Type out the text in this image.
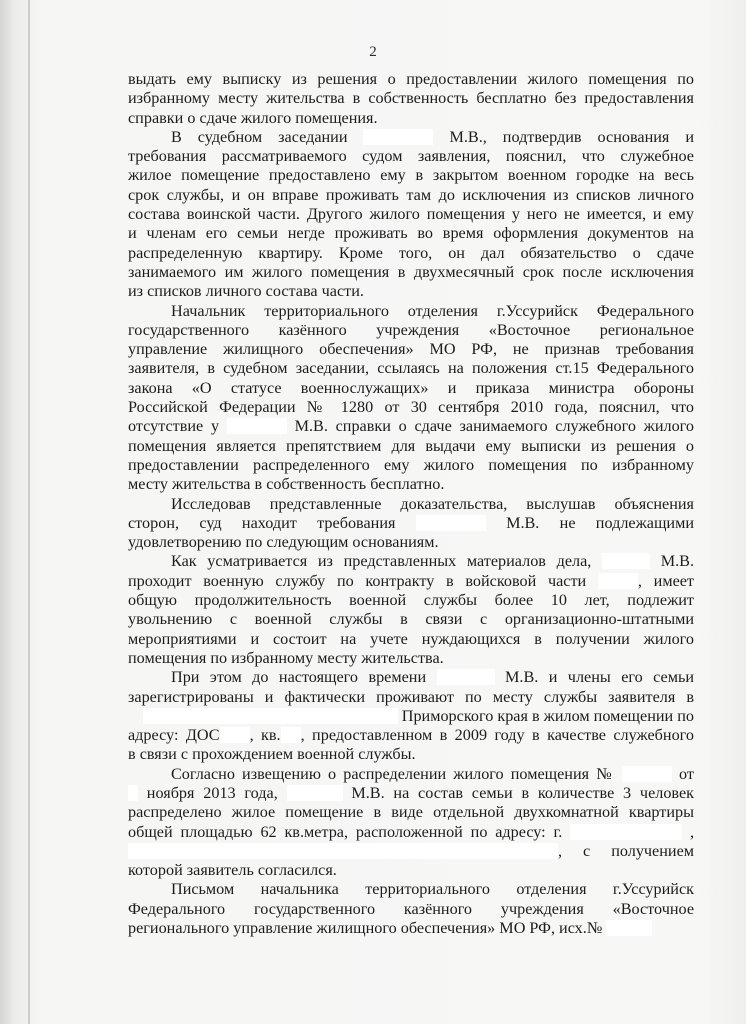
2
выдать ему выписку из решения о предоставлении жилого помещения по
избранному месту жительства в собственность бесплатно без предоставления
справки о сдаче жилого помещения.
В судебном заседании	М.В., подтвердив основания и
требования рассматриваемого судом заявления, пояснил, что служебное
жилое помещение предоставлено ему в закрытом военном городке на весь
срок службы, и он вправе проживать там до исключения из списков личного
состава воинской части. Другого жилого помещения у него не имеется, и ему
и членам его семьи негде проживать во время оформления документов на
распределенную квартиру. Кроме того, он дал обязательство о сдаче
занимаемого им жилого помещения в двухмесячный срок после исключения
из списков личного состава части.
Начальник территориального отделения г.Уссурийск Федерального
государственного казённого учреждения «Восточное региональное
управление жилищного обеспечения» МО РФ, не признав требования
заявителя, в судебном заседании, ссылаясь на положения ст.15 Федерального
закона «О статусе военнослужащих» и приказа министра обороны
Российской Федерации № 1280 от 30 сентября 2010 года, пояснил, что
отсутствие у	М.В. справки о сдаче занимаемого служебного жилого
помещения является препятствием для выдачи ему выписки из решения о
предоставлении распределенного ему жилого помещения по избранному
месту жительства в собственность бесплатно.
Исследовав представленные доказательства, выслушав объяснения
сторон, суд находит требования	М.В. не подлежащими
удовлетворению по следующим основаниям.
Как усматривается из представленных материалов дела,	М.В.
проходит военную службу по контракту в войсковой части	, имеет
общую продолжительность военной службы более 10 лет, подлежит
увольнению с военной службы в связи с организационно-штатными
мероприятиями и состоит на учете нуждающихся в получении жилого
помещения по избранному месту жительства.
При этом до настоящего времени	М.В. и члены его семьи
зарегистрированы и фактически проживают по месту службы заявителя в
Приморского края в жилом помещении по
адресу: ДОС , кв. , предоставленном в 2009 году в качестве служебного
в связи с прохождением военной службы.
Согласно извещению о распределении жилого помещения №	от
ноября 2013 года,	М.В. на состав семьи в количестве 3 человек
распределено жилое помещение в виде отдельной двухкомнатной квартиры
общей площадью 62 кв.метра, расположенной по адресу: г.	,
, с получением
которой заявитель согласился.
Письмом начальника территориального отделения г.Уссурийск
Федерального государственного казённого учреждения «Восточное
регионального управление жилищного обеспечения» МО РФ, исх.№
